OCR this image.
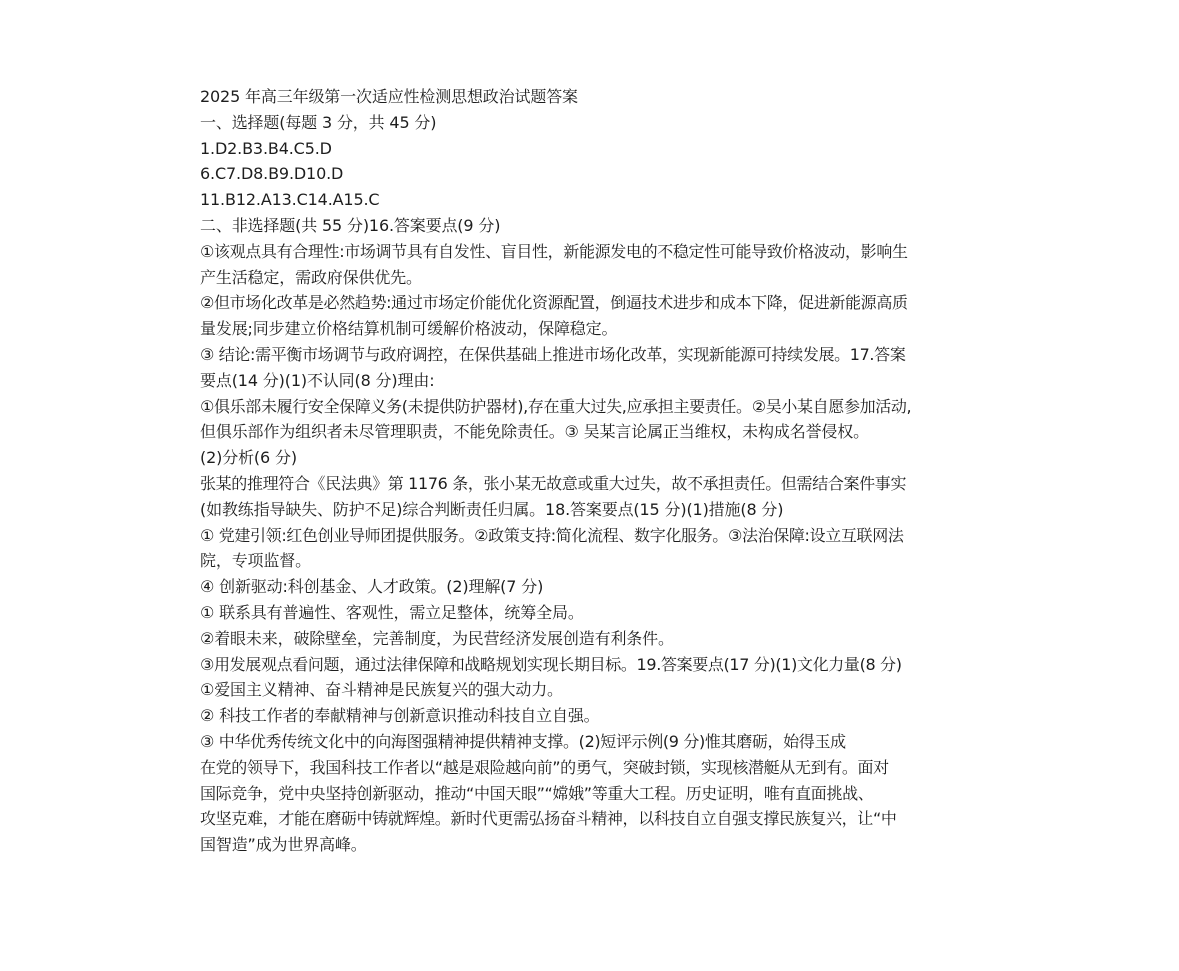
2025 年高三年级第一次适应性检测思想政治试题答案
一、选择题(每题 3 分，共 45 分)
1.D2.B3.B4.C5.D
6.C7.D8.B9.D10.D
11.B12.A13.C14.A15.C
二、非选择题(共 55 分)16.答案要点(9 分)
①该观点具有合理性:市场调节具有自发性、盲目性，新能源发电的不稳定性可能导致价格波动，影响生
产生活稳定，需政府保供优先。
②但市场化改革是必然趋势:通过市场定价能优化资源配置，倒逼技术进步和成本下降，促进新能源高质
量发展;同步建立价格结算机制可缓解价格波动，保障稳定。
③ 结论:需平衡市场调节与政府调控，在保供基础上推进市场化改革，实现新能源可持续发展。17.答案
要点(14 分)(1)不认同(8 分)理由:
①俱乐部未履行安全保障义务(未提供防护器材),存在重大过失,应承担主要责任。②吴小某自愿参加活动,
但俱乐部作为组织者未尽管理职责，不能免除责任。③ 吴某言论属正当维权，未构成名誉侵权。
(2)分析(6 分)
张某的推理符合《民法典》第 1176 条，张小某无故意或重大过失，故不承担责任。但需结合案件事实
(如教练指导缺失、防护不足)综合判断责任归属。18.答案要点(15 分)(1)措施(8 分)
① 党建引领:红色创业导师团提供服务。②政策支持:简化流程、数字化服务。③法治保障:设立互联网法
院，专项监督。
④ 创新驱动:科创基金、人才政策。(2)理解(7 分)
① 联系具有普遍性、客观性，需立足整体，统筹全局。
②着眼未来，破除壁垒，完善制度，为民营经济发展创造有利条件。
③用发展观点看问题，通过法律保障和战略规划实现长期目标。19.答案要点(17 分)(1)文化力量(8 分)
①爱国主义精神、奋斗精神是民族复兴的强大动力。
② 科技工作者的奉献精神与创新意识推动科技自立自强。
③ 中华优秀传统文化中的向海图强精神提供精神支撑。(2)短评示例(9 分)惟其磨砺，始得玉成
在党的领导下，我国科技工作者以“越是艰险越向前”的勇气，突破封锁，实现核潜艇从无到有。面对
国际竞争，党中央坚持创新驱动，推动“中国天眼”“嫦娥”等重大工程。历史证明，唯有直面挑战、
攻坚克难，才能在磨砺中铸就辉煌。新时代更需弘扬奋斗精神，以科技自立自强支撑民族复兴，让“中
国智造”成为世界高峰。
